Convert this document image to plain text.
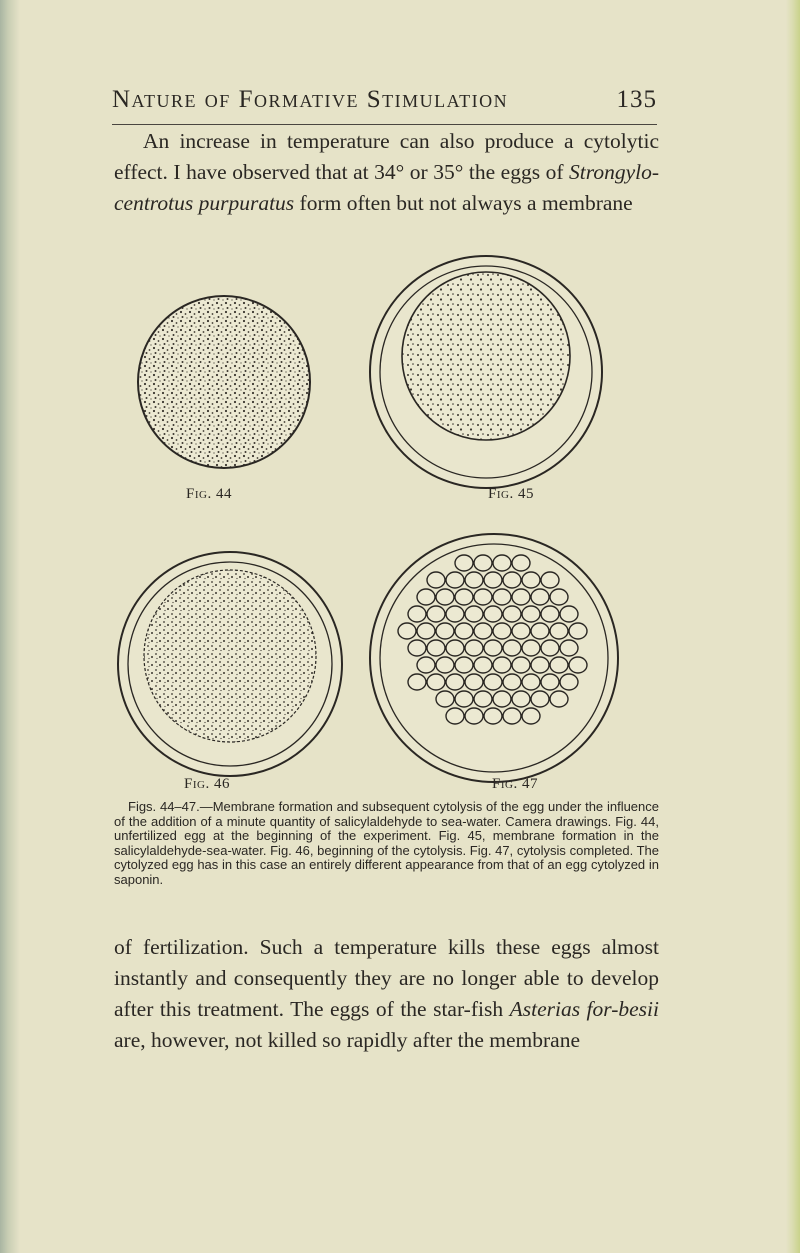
Nature of Formative Stimulation	135

An increase in temperature can also produce a cytolytic effect. I have observed that at 34° or 35° the eggs of Strongylo-centrotus purpuratus form often but not always a membrane

Fig. 44	Fig. 45
Fig. 46	Fig. 47

Figs. 44–47.—Membrane formation and subsequent cytolysis of the egg under the influence of the addition of a minute quantity of salicylaldehyde to sea-water. Camera drawings. Fig. 44, unfertilized egg at the beginning of the experiment. Fig. 45, membrane formation in the salicylaldehyde-sea-water. Fig. 46, beginning of the cytolysis. Fig. 47, cytolysis completed. The cytolyzed egg has in this case an entirely different appearance from that of an egg cytolyzed in saponin.

of fertilization. Such a temperature kills these eggs almost instantly and consequently they are no longer able to develop after this treatment. The eggs of the star-fish Asterias for-besii are, however, not killed so rapidly after the membrane
